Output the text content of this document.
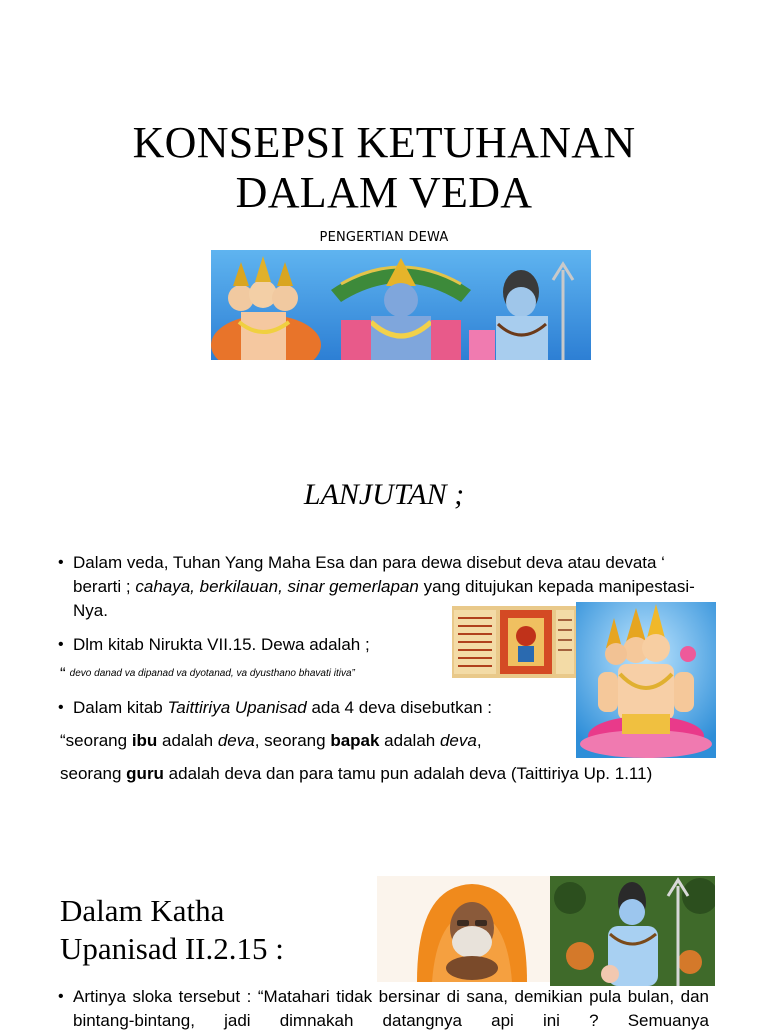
KONSEPSI KETUHANAN
DALAM VEDA
PENGERTIAN DEWA
LANJUTAN ;
• Dalam veda, Tuhan Yang Maha Esa dan para dewa disebut deva atau devata ‘ berarti ; cahaya, berkilauan, sinar gemerlapan yang ditujukan kepada manipestasi-Nya.
• Dlm kitab Nirukta VII.15. Dewa adalah ;
“ devo danad va dipanad va dyotanad, va dyusthano bhavati itiva”
• Dalam kitab Taittiriya Upanisad ada 4 deva disebutkan :
“seorang ibu adalah deva, seorang bapak adalah deva,
seorang guru adalah deva dan para tamu pun adalah deva (Taittiriya Up. 1.11)
Dalam Katha
Upanisad II.2.15 :
• Artinya sloka tersebut : “Matahari tidak bersinar di sana, demikian pula bulan, dan bintang-bintang, jadi dimnakah datangnya api ini ? Semuanya
